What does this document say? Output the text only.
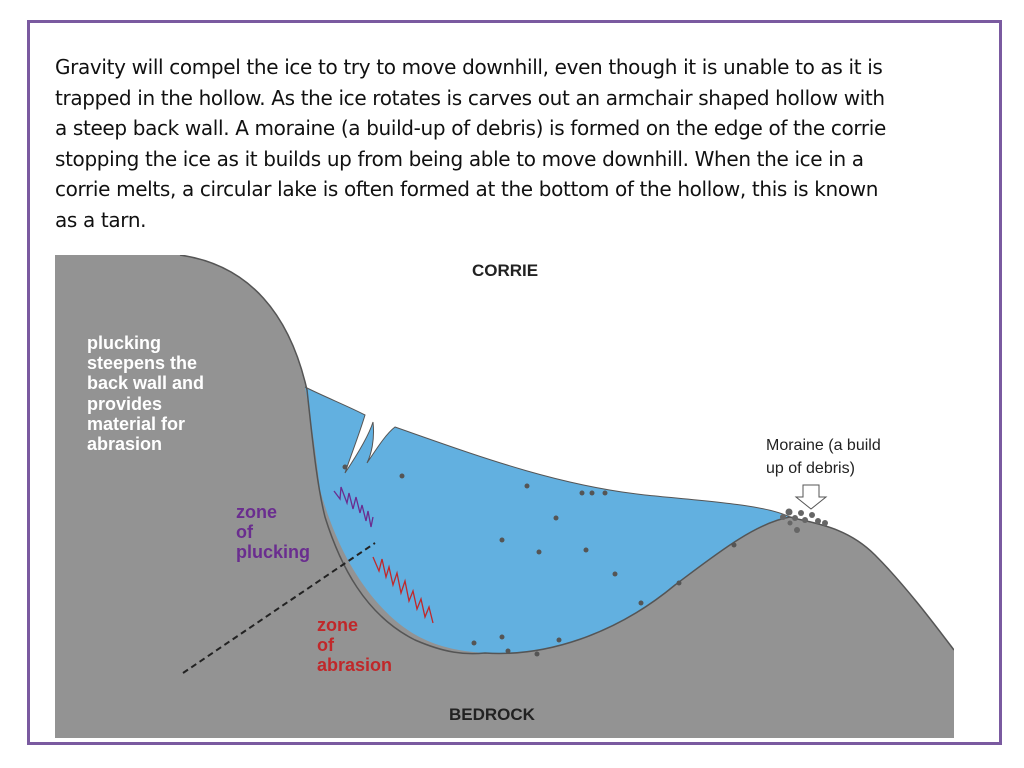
Gravity will compel the ice to try to move downhill, even though it is unable to as it is
trapped in the hollow. As the ice rotates is carves out an armchair shaped hollow with
a steep back wall. A moraine (a build-up of debris) is formed on the edge of the corrie
stopping the ice as it builds up from being able to move downhill. When the ice in a
corrie melts, a circular lake is often formed at the bottom of the hollow, this is known
as a tarn.
CORRIE
BEDROCK
plucking
steepens the
back wall and
provides
material for
abrasion
zone
of
plucking
zone
of
abrasion
Moraine (a build
up of debris)
